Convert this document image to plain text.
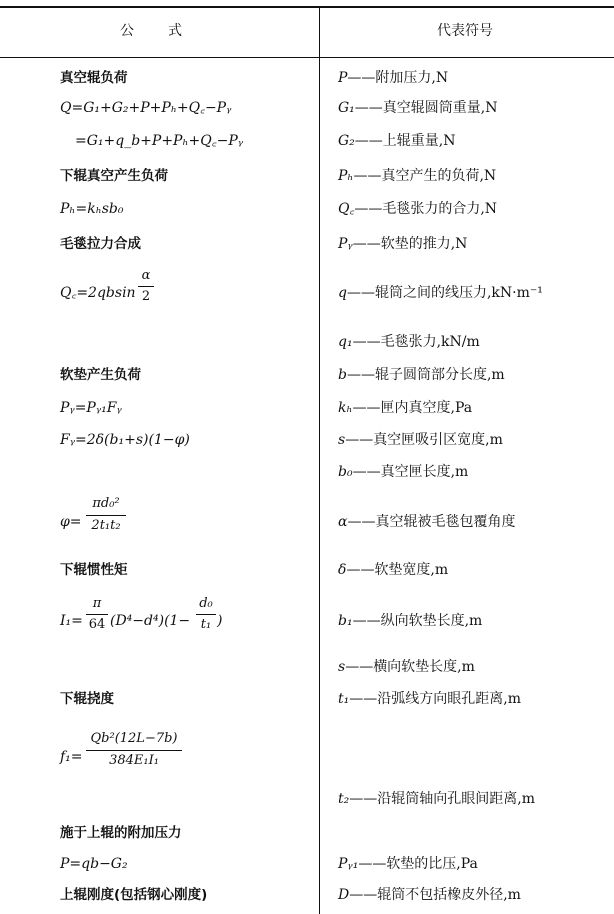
公　　式	代表符号
真空辊负荷
Q=G₁+G₂+P+Pₕ+Q꜀−Pᵧ
=G₁+q_b+P+Pₕ+Q꜀−Pᵧ
下辊真空产生负荷
Pₕ=kₕsb₀
毛毯拉力合成
Q꜀=2qbsin
α
2
软垫产生负荷
Pᵧ=Pᵧ₁Fᵧ
Fᵧ=2δ(b₁+s)(1−φ)
φ=
πd₀²
2t₁t₂
下辊惯性矩
I₁=
π
64 (D⁴−d⁴)(1−
d₀
t₁ )
下辊挠度
f₁=
Qb²(12L−7b)
384E₁I₁
施于上辊的附加压力
P=qb−G₂
上辊刚度(包括钢心刚度)
P——附加压力,N
G₁——真空辊圆筒重量,N
G₂——上辊重量,N
Pₕ——真空产生的负荷,N
Q꜀——毛毯张力的合力,N
Pᵧ——软垫的推力,N
q——辊筒之间的线压力,kN·m⁻¹
q₁——毛毯张力,kN/m
b——辊子圆筒部分长度,m
kₕ——匣内真空度,Pa
s——真空匣吸引区宽度,m
b₀——真空匣长度,m
α——真空辊被毛毯包覆角度
δ——软垫宽度,m
b₁——纵向软垫长度,m
s——横向软垫长度,m
t₁——沿弧线方向眼孔距离,m
t₂——沿辊筒轴向孔眼间距离,m
Pᵧ₁——软垫的比压,Pa
D——辊筒不包括橡皮外径,m
